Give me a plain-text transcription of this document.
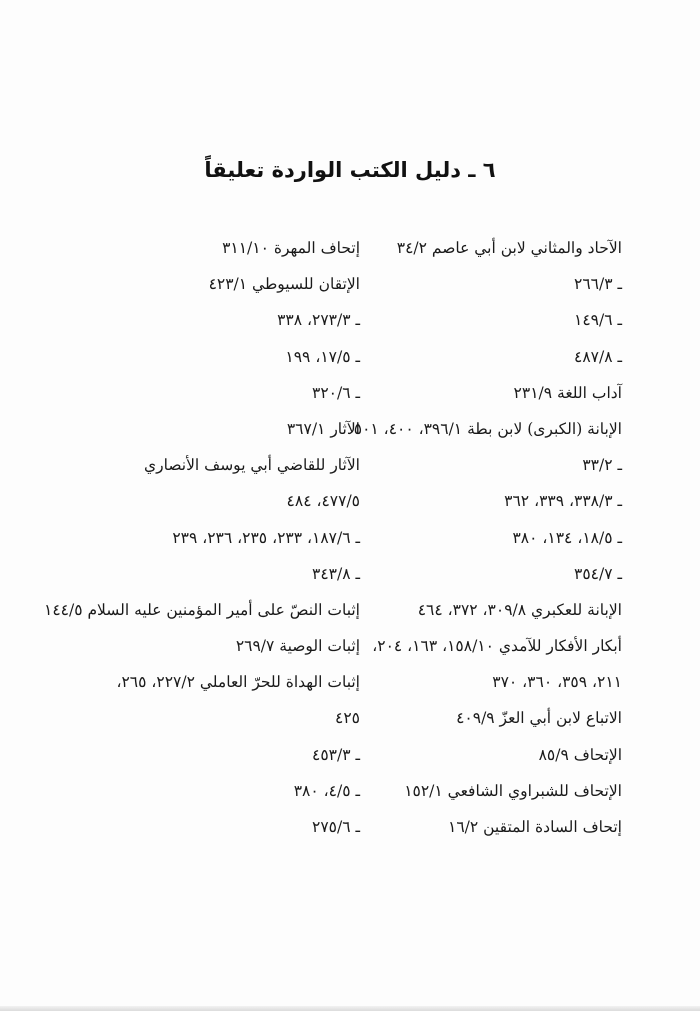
٦ ـ دليل الكتب الواردة تعليقاً
الآحاد والمثاني لابن أبي عاصم ٣٤/٢
ـ ٢٦٦/٣
ـ ١٤٩/٦
ـ ٤٨٧/٨
آداب اللغة ٢٣١/٩
الإبانة (الكبرى) لابن بطة ٣٩٦/١، ٤٠٠، ٥٠١
ـ ٣٣/٢
ـ ٣٣٨/٣، ٣٣٩، ٣٦٢
ـ ١٨/٥، ١٣٤، ٣٨٠
ـ ٣٥٤/٧
الإبانة للعكبري ٣٠٩/٨، ٣٧٢، ٤٦٤
أبكار الأفكار للآمدي ١٥٨/١٠، ١٦٣، ٢٠٤،
٢١١، ٣٥٩، ٣٦٠، ٣٧٠
الاتباع لابن أبي العزّ ٤٠٩/٩
الإتحاف ٨٥/٩
الإتحاف للشبراوي الشافعي ١٥٢/١
إتحاف السادة المتقين ١٦/٢
إتحاف المهرة ٣١١/١٠
الإتقان للسيوطي ٤٢٣/١
ـ ٢٧٣/٣، ٣٣٨
ـ ١٧/٥، ١٩٩
ـ ٣٢٠/٦
الآثار ٣٦٧/١
الآثار للقاضي أبي يوسف الأنصاري
٤٧٧/٥، ٤٨٤
ـ ١٨٧/٦، ٢٣٣، ٢٣٥، ٢٣٦، ٢٣٩
ـ ٣٤٣/٨
إثبات النصّ على أمير المؤمنين عليه السلام ١٤٤/٥
إثبات الوصية ٢٦٩/٧
إثبات الهداة للحرّ العاملي ٢٢٧/٢، ٢٦٥،
٤٢٥
ـ ٤٥٣/٣
ـ ٤/٥، ٣٨٠
ـ ٢٧٥/٦
